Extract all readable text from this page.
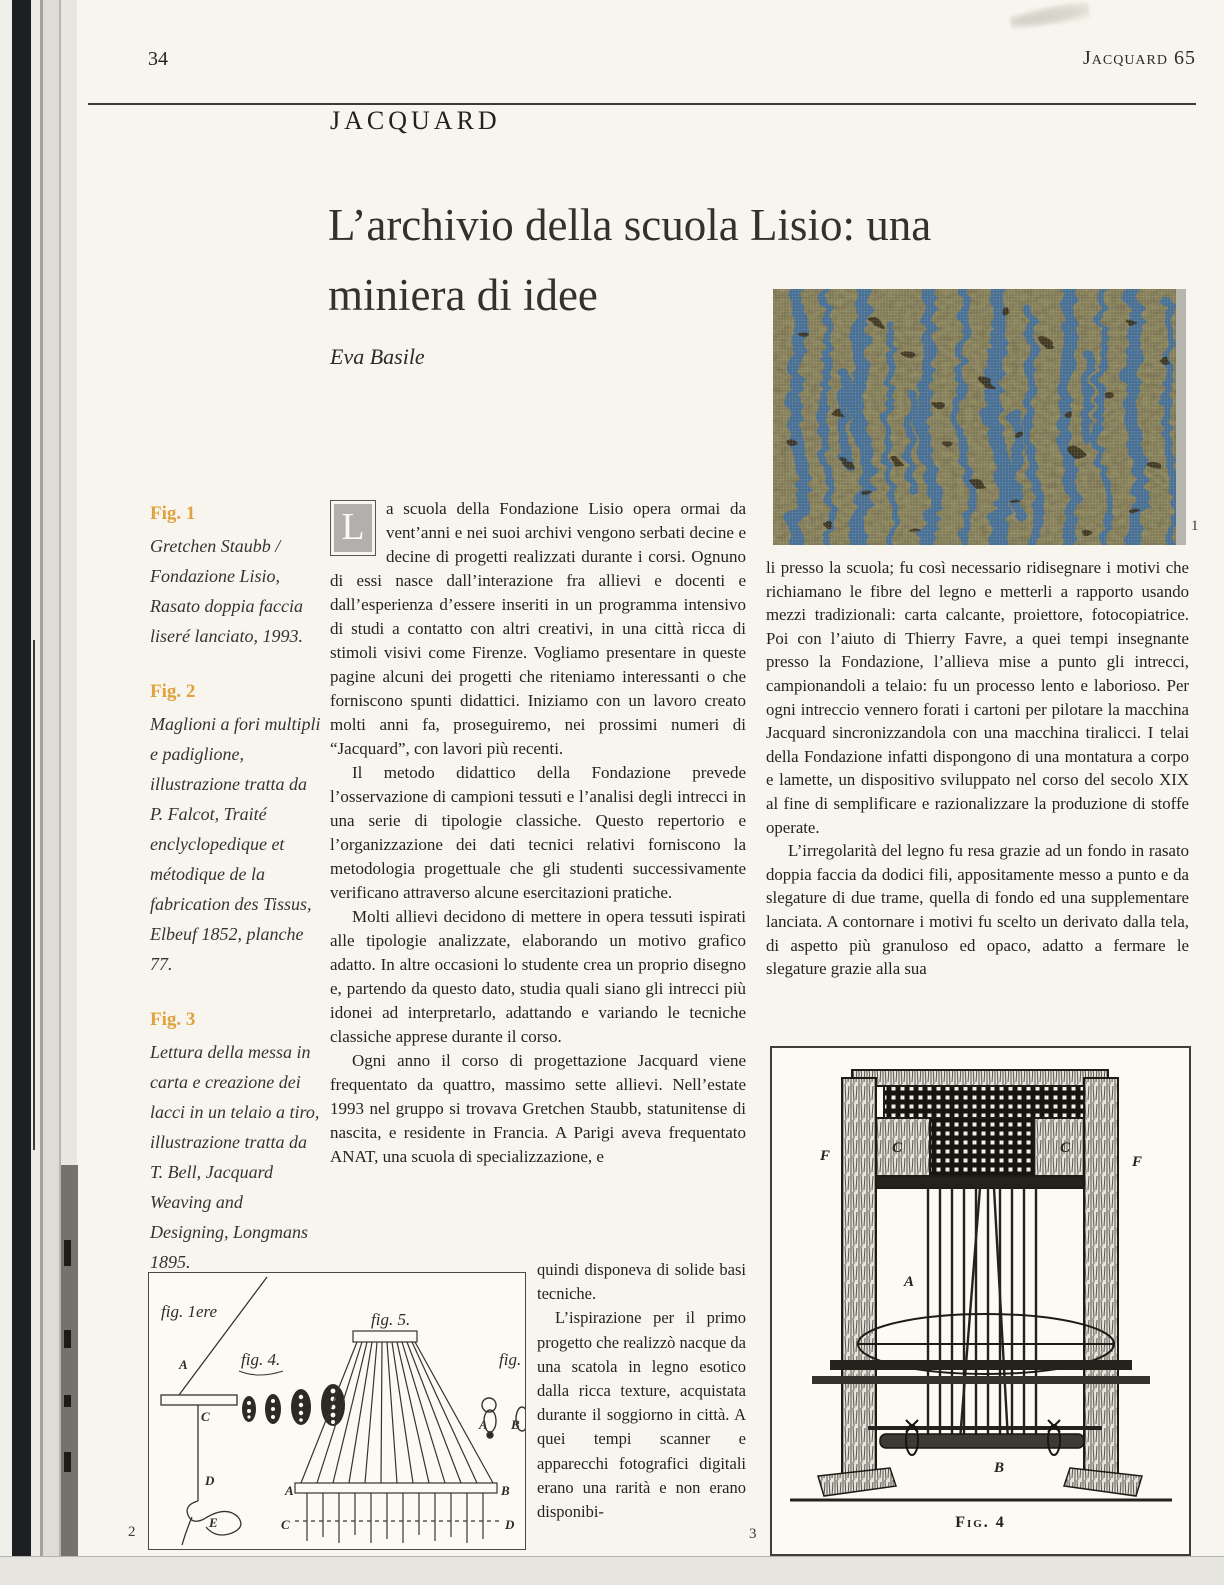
34	Jacquard 65
JACQUARD
L’archivio della scuola Lisio: una
miniera di idee
Eva Basile
1

Fig. 1

Gretchen Staubb / Fondazione Lisio, Rasato doppia faccia liseré lanciato, 1993.

Fig. 2

Maglioni a fori multipli e padiglione, illustrazione tratta da P. Falcot, Traité enclyclopedique et métodique de la fabrication des Tissus, Elbeuf 1852, planche 77.

Fig. 3

Lettura della messa in carta e creazione dei lacci in un telaio a tiro, illustrazione tratta da T. Bell, Jacquard Weaving and Designing, Longmans 1895.

L	a scuola della Fondazione Lisio opera ormai da vent’anni e nei suoi archivi vengono serbati decine e decine di progetti realizzati durante i corsi. Ognuno di essi nasce dall’interazione fra allievi e docenti e dall’esperienza d’essere inseriti in un programma intensivo di studi a contatto con altri creativi, in una città ricca di stimoli visivi come Firenze. Vogliamo presentare in queste pagine alcuni dei progetti che riteniamo interessanti o che forniscono spunti didattici. Iniziamo con un lavoro creato molti anni fa, proseguiremo, nei prossimi numeri di “Jacquard”, con lavori più recenti.

Il metodo didattico della Fondazione prevede l’osservazione di campioni tessuti e l’analisi degli intrecci in una serie di tipologie classiche. Questo repertorio e l’organizzazione dei dati tecnici relativi forniscono la metodologia progettuale che gli studenti successivamente verificano attraverso alcune esercitazioni pratiche.

Molti allievi decidono di mettere in opera tessuti ispirati alle tipologie analizzate, elaborando un motivo grafico adatto. In altre occasioni lo studente crea un proprio disegno e, partendo da questo dato, studia quali siano gli intrecci più idonei ad interpretarlo, adattando e variando le tecniche classiche apprese durante il corso.

Ogni anno il corso di progettazione Jacquard viene frequentato da quattro, massimo sette allievi. Nell’estate 1993 nel gruppo si trovava Gretchen Staubb, statunitense di nascita, e residente in Francia. A Parigi aveva frequentato ANAT, una scuola di specializzazione, e

quindi disponeva di solide basi tecniche.

L’ispirazione per il primo progetto che realizzò nacque da una scatola in legno esotico dalla ricca texture, acquistata durante il soggiorno in città. A quei tempi scanner e apparecchi fotografici digitali erano una rarità e non erano disponibi-

li presso la scuola; fu così necessario ridisegnare i motivi che richiamano le fibre del legno e metterli a rapporto usando mezzi tradizionali: carta calcante, proiettore, fotocopiatrice. Poi con l’aiuto di Thierry Favre, a quei tempi insegnante presso la Fondazione, l’allieva mise a punto gli intrecci, campionandoli a telaio: fu un processo lento e laborioso. Per ogni intreccio vennero forati i cartoni per pilotare la macchina Jacquard sincronizzandola con una macchina tiralicci. I telai della Fondazione infatti dispongono di una montatura a corpo e lamette, un dispositivo sviluppato nel corso del secolo XIX al fine di semplificare e razionalizzare la produzione di stoffe operate.

L’irregolarità del legno fu resa grazie ad un fondo in rasato doppia faccia da dodici fili, appositamente messo a punto e da slegature di due trame, quella di fondo ed una supplementare lanciata. A contornare i motivi fu scelto un derivato dalla tela, di aspetto più granuloso ed opaco, adatto a fermare le slegature grazie alla sua

fig. 1ere
A
C
D
E
fig. 4.
fig. 5.
fig.
A	B
C	D
A B
2
F	F
C	C
A
B
Fig. 4
3
